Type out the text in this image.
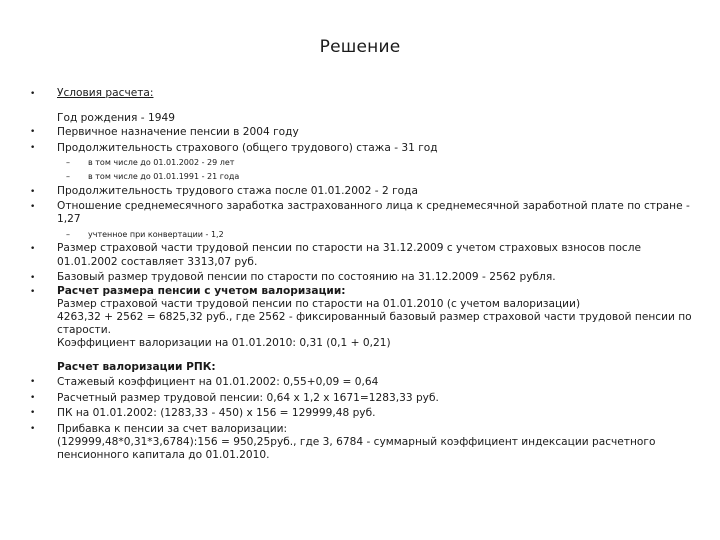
Решение
•
•
•
•
•
•
•
•
•
•
•
•
–
–
–
Условия расчета:
Год рождения - 1949
Первичное назначение пенсии в 2004 году
Продолжительность страхового (общего трудового) стажа - 31 год
в том числе до 01.01.2002 - 29 лет
в том числе до 01.01.1991 - 21 года
Продолжительность трудового стажа после 01.01.2002 - 2 года
Отношение среднемесячного заработка застрахованного лица к среднемесячной заработной плате по стране -
1,27
учтенное при конвертации - 1,2
Размер страховой части трудовой пенсии по старости на 31.12.2009 с учетом страховых взносов после
01.01.2002 составляет 3313,07 руб.
Базовый размер трудовой пенсии по старости по состоянию на 31.12.2009 - 2562 рубля.
Расчет размера пенсии с учетом валоризации:
Размер страховой части трудовой пенсии по старости на 01.01.2010 (с учетом валоризации)
4263,32 + 2562 = 6825,32 руб., где 2562 - фиксированный базовый размер страховой части трудовой пенсии по
старости.
Коэффициент валоризации на 01.01.2010: 0,31 (0,1 + 0,21)
Расчет валоризации РПК:
Стажевый коэффициент на 01.01.2002: 0,55+0,09 = 0,64
Расчетный размер трудовой пенсии: 0,64 х 1,2 х 1671=1283,33 руб.
ПК на 01.01.2002: (1283,33 - 450) х 156 = 129999,48 руб.
Прибавка к пенсии за счет валоризации:
(129999,48*0,31*3,6784):156 = 950,25руб., где 3, 6784 - суммарный коэффициент индексации расчетного
пенсионного капитала до 01.01.2010.
